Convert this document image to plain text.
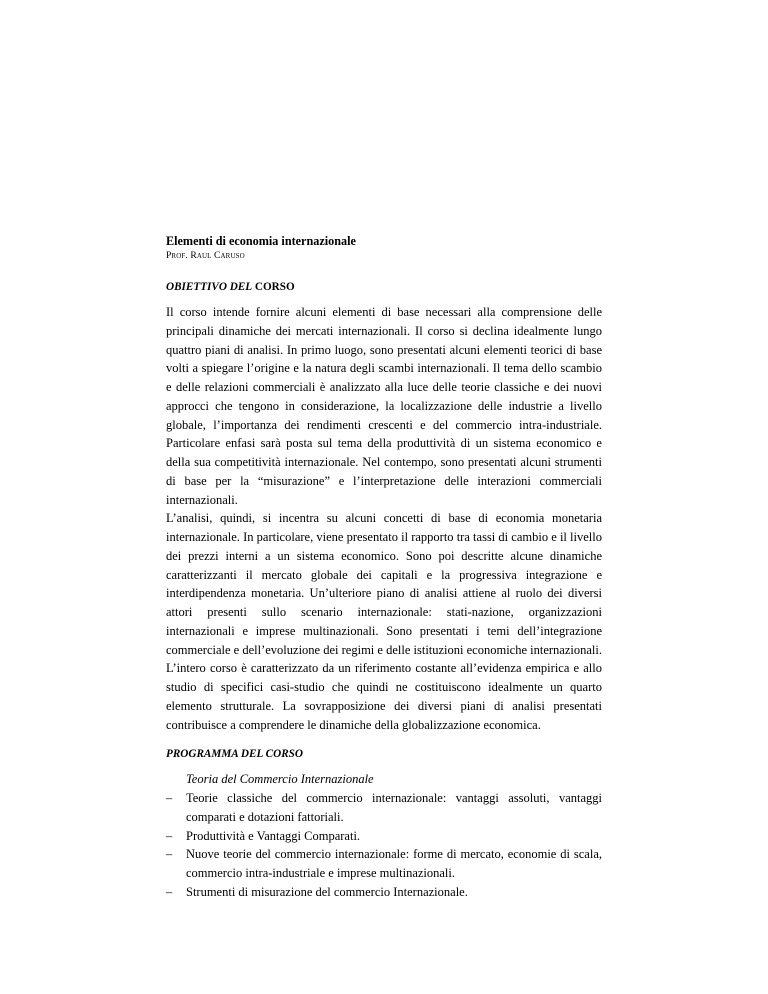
Elementi di economia internazionale
Prof. Raul Caruso
OBIETTIVO DEL CORSO

Il corso intende fornire alcuni elementi di base necessari alla comprensione delle principali dinamiche dei mercati internazionali. Il corso si declina idealmente lungo quattro piani di analisi. In primo luogo, sono presentati alcuni elementi teorici di base volti a spiegare l’origine e la natura degli scambi internazionali. Il tema dello scambio e delle relazioni commerciali è analizzato alla luce delle teorie classiche e dei nuovi approcci che tengono in considerazione, la localizzazione delle industrie a livello globale, l’importanza dei rendimenti crescenti e del commercio intra-industriale. Particolare enfasi sarà posta sul tema della produttività di un sistema economico e della sua competitività internazionale. Nel contempo, sono presentati alcuni strumenti di base per la “misurazione” e l’interpretazione delle interazioni commerciali internazionali.

L’analisi, quindi, si incentra su alcuni concetti di base di economia monetaria internazionale. In particolare, viene presentato il rapporto tra tassi di cambio e il livello dei prezzi interni a un sistema economico. Sono poi descritte alcune dinamiche caratterizzanti il mercato globale dei capitali e la progressiva integrazione e interdipendenza monetaria. Un’ulteriore piano di analisi attiene al ruolo dei diversi attori presenti sullo scenario internazionale: stati-nazione, organizzazioni internazionali e imprese multinazionali. Sono presentati i temi dell’integrazione commerciale e dell’evoluzione dei regimi e delle istituzioni economiche internazionali. L’intero corso è caratterizzato da un riferimento costante all’evidenza empirica e allo studio di specifici casi-studio che quindi ne costituiscono idealmente un quarto elemento strutturale. La sovrapposizione dei diversi piani di analisi presentati contribuisce a comprendere le dinamiche della globalizzazione economica.

PROGRAMMA DEL CORSO
Teoria del Commercio Internazionale
– Teorie classiche del commercio internazionale: vantaggi assoluti, vantaggi comparati e dotazioni fattoriali.
– Produttività e Vantaggi Comparati.
– Nuove teorie del commercio internazionale: forme di mercato, economie di scala, commercio intra-industriale e imprese multinazionali.
– Strumenti di misurazione del commercio Internazionale.
